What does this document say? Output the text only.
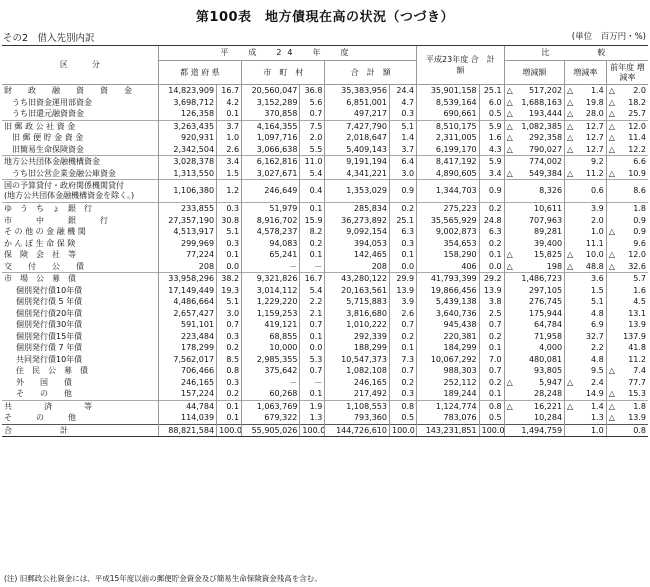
第100表　地方債現在高の状況（つづき）
その2　借入先別内訳	(単位　百万円・%)
区　　　分	平　成　24　年　度						平成23年度 合　計　額		比　　　較					
	都 道 府 県		市　町　村		合　計　額				増減額		増減率		前年度 増減率	
財　政　融　資　資　金	14,823,909	16.7	20,560,047	36.8	35,383,956	24.4	35,901,158	25.1	△	517,202	△	1.4	△	2.0
うち旧資金運用部資金	3,698,712	4.2	3,152,289	5.6	6,851,001	4.7	8,539,164	6.0	△	1,688,163	△	19.8	△	18.2
うち旧還元融資資金	126,358	0.1	370,858	0.7	497,217	0.3	690,661	0.5	△	193,444	△	28.0	△	25.7
旧 郵 政 公 社 資 金	3,263,435	3.7	4,164,355	7.5	7,427,790	5.1	8,510,175	5.9	△	1,082,385	△	12.7	△	12.0
旧 郵 便 貯 金 資 金	920,931	1.0	1,097,716	2.0	2,018,647	1.4	2,311,005	1.6	△	292,358	△	12.7	△	11.4
旧簡易生命保険資金	2,342,504	2.6	3,066,638	5.5	5,409,143	3.7	6,199,170	4.3	△	790,027	△	12.7	△	12.2
地方公共団体金融機構資金	3,028,378	3.4	6,162,816	11.0	9,191,194	6.4	8,417,192	5.9		774,002		9.2		6.6
うち旧公営企業金融公庫資金	1,313,550	1.5	3,027,671	5.4	4,341,221	3.0	4,890,605	3.4	△	549,384	△	11.2	△	10.9
国の予算貸付・政府関係機関貸付
(地方公共団体金融機構資金を除く。)	1,106,380	1.2	246,649	0.4	1,353,029	0.9	1,344,703	0.9		8,326		0.6		8.6
ゆ　う　ち　ょ　銀　行	233,855	0.3	51,979	0.1	285,834	0.2	275,223	0.2		10,611		3.9		1.8
市　　　中　　　銀　　　行	27,357,190	30.8	8,916,702	15.9	36,273,892	25.1	35,565,929	24.8		707,963		2.0		0.9
そ の 他 の 金 融 機 関	4,513,917	5.1	4,578,237	8.2	9,092,154	6.3	9,002,873	6.3		89,281		1.0	△	0.9
か ん ぽ 生 命 保 険	299,969	0.3	94,083	0.2	394,053	0.3	354,653	0.2		39,400		11.1		9.6
保　険　会　社　等	77,224	0.1	65,241	0.1	142,465	0.1	158,290	0.1	△	15,825	△	10.0	△	12.0
交　　付　　公　　債	208	0.0	－	－	208	0.0	406	0.0	△	198	△	48.8	△	32.6
市　場　公　募　債	33,958,296	38.2	9,321,826	16.7	43,280,122	29.9	41,793,399	29.2		1,486,723		3.6		5.7
個別発行債10年債	17,149,449	19.3	3,014,112	5.4	20,163,561	13.9	19,866,456	13.9		297,105		1.5		1.6
個別発行債 5 年債	4,486,664	5.1	1,229,220	2.2	5,715,883	3.9	5,439,138	3.8		276,745		5.1		4.5
個別発行債20年債	2,657,427	3.0	1,159,253	2.1	3,816,680	2.6	3,640,736	2.5		175,944		4.8		13.1
個別発行債30年債	591,101	0.7	419,121	0.7	1,010,222	0.7	945,438	0.7		64,784		6.9		13.9
個別発行債15年債	223,484	0.3	68,855	0.1	292,339	0.2	220,381	0.2		71,958		32.7		137.9
個別発行債 7 年債	178,299	0.2	10,000	0.0	188,299	0.1	184,299	0.1		4,000		2.2		41.8
共同発行債10年債	7,562,017	8.5	2,985,355	5.3	10,547,373	7.3	10,067,292	7.0		480,081		4.8		11.2
住　民　公　募　債	706,466	0.8	375,642	0.7	1,082,108	0.7	988,303	0.7		93,805		9.5	△	7.4
外　　国　　債	246,165	0.3	－	－	246,165	0.2	252,112	0.2	△	5,947	△	2.4		77.7
そ　　の　　他	157,224	0.2	60,268	0.1	217,492	0.3	189,244	0.1		28,248		14.9	△	15.3
共　　　　済　　　　等	44,784	0.1	1,063,769	1.9	1,108,553	0.8	1,124,774	0.8	△	16,221	△	1.4	△	1.8
そ　　　の　　　他	114,039	0.1	679,322	1.3	793,360	0.5	783,076	0.5		10,284		1.3	△	13.9
合　　　　　　計	88,821,584	100.0	55,905,026	100.0	144,726,610	100.0	143,231,851	100.0		1,494,759		1.0		0.8
(注) 旧郵政公社資金には、平成15年度以前の郵便貯金資金及び簡易生命保険資金残高を含む。
